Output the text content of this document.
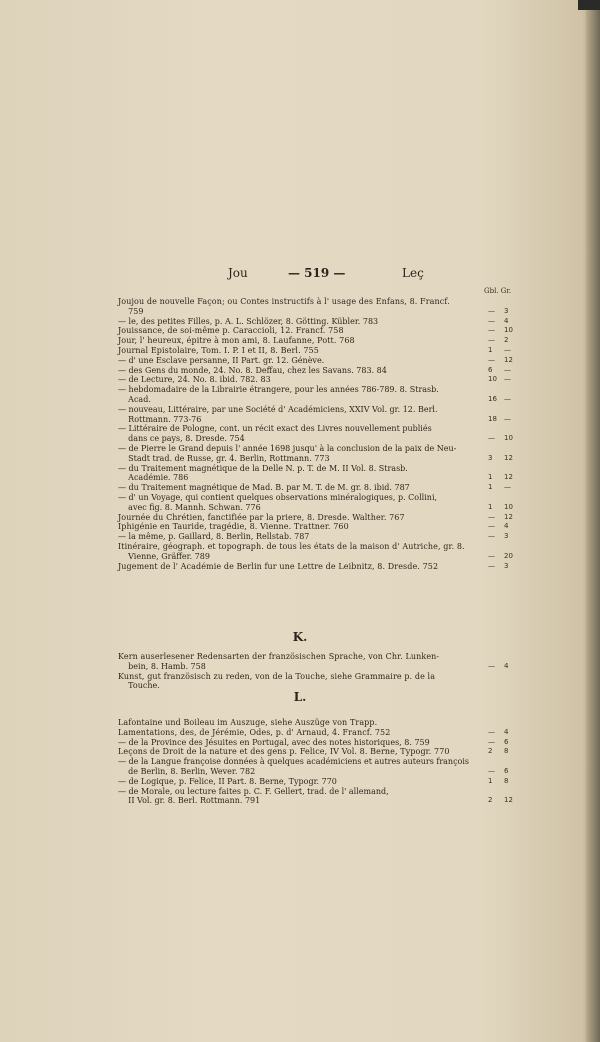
Jou	— 519 —	Leç
Gbl. Gr.
Joujou de nouvelle Façon; ou Contes instructifs à l' usage des Enfans, 8. Francf.
759	— 3
— le, des petites Filles, p. A. L. Schlözer, 8. Götting. Kübler. 783	— 4
Jouissance, de soi-même p. Caraccioli, 12. Francf. 758	— 10
Jour, l' heureux, épitre à mon ami, 8. Laufanne, Pott. 768	— 2
Journal Epistolaire, Tom. I. P. I et II, 8. Berl. 755	1 —
— d' une Esclave persanne, II Part. gr. 12. Génève.	— 12
— des Gens du monde, 24. No. 8. Deffau, chez les Savans. 783. 84	6 —
— de Lecture, 24. No. 8. ibid. 782. 83	10 —
— hebdomadaire de la Librairie étrangere, pour les années 786-789. 8. Strasb.
Acad.	16 —
— nouveau, Littéraire, par une Société d' Académiciens, XXIV Vol. gr. 12. Berl.
Rottmann. 773-76	18 —
— Littéraire de Pologne, cont. un récit exact des Livres nouvellement publiés
dans ce pays, 8. Dresde. 754	— 10
— de Pierre le Grand depuis l' année 1698 jusqu' à la conclusion de la paix de Neu-
Stadt trad. de Russe, gr. 4. Berlin, Rottmann. 773	3 12
— du Traitement magnétique de la Delle N. p. T. de M. II Vol. 8. Strasb.
Académie. 786	1 12
— du Traitement magnétique de Mad. B. par M. T. de M. gr. 8. ibid. 787	1 —
— d' un Voyage, qui contient quelques observations minéralogiques, p. Collini,
avec fig. 8. Mannh. Schwan. 776	1 10
Journée du Chrétien, fanctifiée par la priere, 8. Dresde. Walther. 767	— 12
Iphigénie en Tauride, tragédie, 8. Vienne. Trattner. 760	— 4
— la même, p. Gaillard, 8. Berlin, Rellstab. 787	— 3
Itinéraire, géograph. et topograph. de tous les états de la maison d' Autriche, gr. 8.
Vienne, Gräffer. 789	— 20
Jugement de l' Académie de Berlin fur une Lettre de Leibnitz, 8. Dresde. 752	— 3
K.
Kern auserlesener Redensarten der französischen Sprache, von Chr. Lunken-
bein, 8. Hamb. 758	— 4
Kunst, gut französisch zu reden, von de la Touche, siehe Grammaire p. de la
Touche.
L.
Lafontaine und Boileau im Auszuge, siehe Auszüge von Trapp.
Lamentations, des, de Jérémie, Odes, p. d' Arnaud, 4. Francf. 752	— 4
— de la Province des Jésuites en Portugal, avec des notes historiques, 8. 759	— 6
Leçons de Droit de la nature et des gens p. Felice, IV Vol. 8. Berne, Typogr. 770	2 8
— de la Langue françoise données à quelques académiciens et autres auteurs françois
de Berlin, 8. Berlin, Wever. 782	— 6
— de Logique, p. Felice, II Part. 8. Berne, Typogr. 770	1 8
— de Morale, ou lecture faites p. C. F. Gellert, trad. de l' allemand,
II Vol. gr. 8. Berl. Rottmann. 791	2 12
